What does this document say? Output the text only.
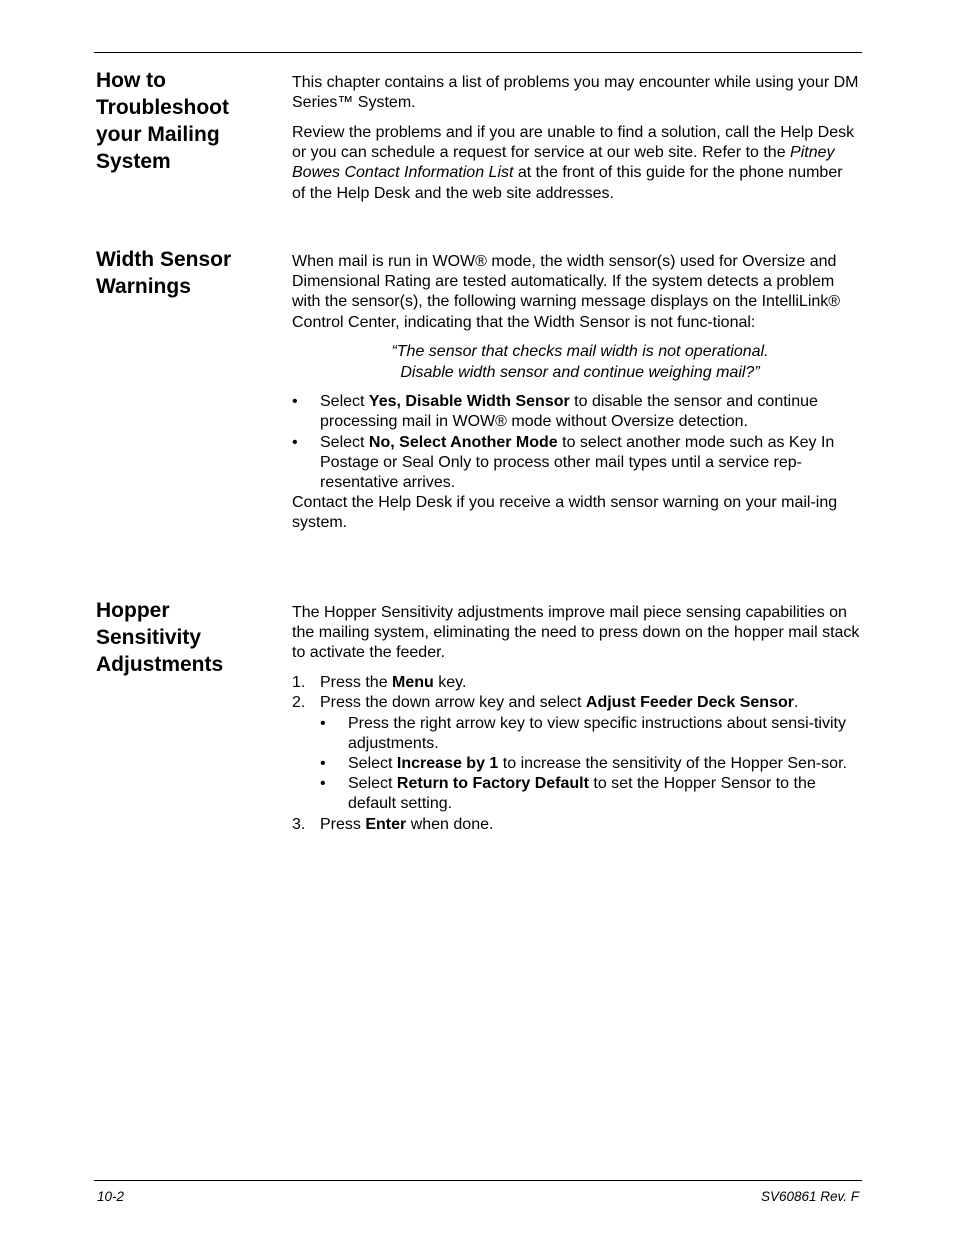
How to
Troubleshoot
your Mailing
System

This chapter contains a list of problems you may encounter while using your DM Series™ System.

Review the problems and if you are unable to find a solution, call the Help Desk or you can schedule a request for service at our web site. Refer to the Pitney Bowes Contact Information List at the front of this guide for the phone number of the Help Desk and the web site addresses.

Width Sensor
Warnings

When mail is run in WOW® mode, the width sensor(s) used for Oversize and Dimensional Rating are tested automatically. If the system detects a problem with the sensor(s), the following warning message displays on the IntelliLink® Control Center, indicating that the Width Sensor is not func-tional:

“The sensor that checks mail width is not operational.
Disable width sensor and continue weighing mail?”
• Select Yes, Disable Width Sensor to disable the sensor and continue processing mail in WOW® mode without Oversize detection.
• Select No, Select Another Mode to select another mode such as Key In Postage or Seal Only to process other mail types until a service rep-resentative arrives.

Contact the Help Desk if you receive a width sensor warning on your mail-ing system.

Hopper
Sensitivity
Adjustments

The Hopper Sensitivity adjustments improve mail piece sensing capabilities on the mailing system, eliminating the need to press down on the hopper mail stack to activate the feeder.

1. Press the Menu key.
2. Press the down arrow key and select Adjust Feeder Deck Sensor.
• Press the right arrow key to view specific instructions about sensi-tivity adjustments.
• Select Increase by 1 to increase the sensitivity of the Hopper Sen-sor.
• Select Return to Factory Default to set the Hopper Sensor to the default setting.
3. Press Enter when done.
10-2	SV60861 Rev. F
